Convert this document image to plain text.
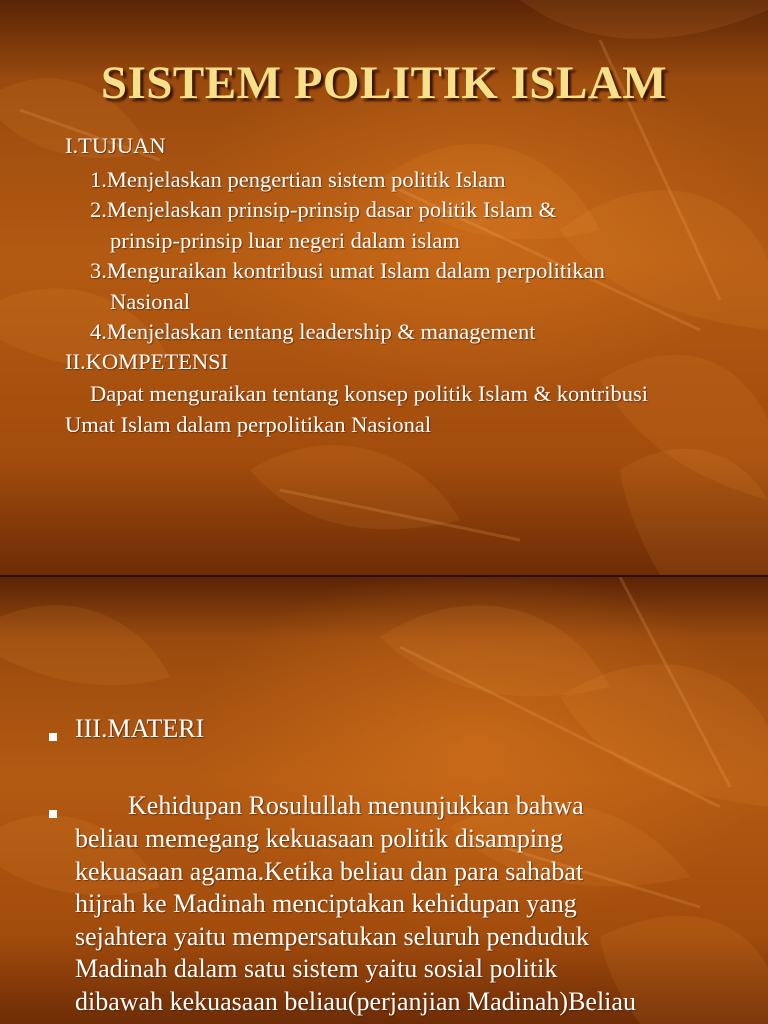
SISTEM POLITIK ISLAM
I.TUJUAN
1.Menjelaskan pengertian sistem politik Islam
2.Menjelaskan prinsip-prinsip dasar politik Islam &
prinsip-prinsip luar negeri dalam islam
3.Menguraikan kontribusi umat Islam dalam perpolitikan
Nasional
4.Menjelaskan tentang leadership & management
II.KOMPETENSI
Dapat menguraikan tentang konsep politik Islam & kontribusi
Umat Islam dalam perpolitikan Nasional
III.MATERI
Kehidupan Rosulullah menunjukkan bahwa
beliau memegang kekuasaan politik disamping
kekuasaan agama.Ketika beliau dan para sahabat
hijrah ke Madinah menciptakan kehidupan yang
sejahtera yaitu mempersatukan seluruh penduduk
Madinah dalam satu sistem yaitu sosial politik
dibawah kekuasaan beliau(perjanjian Madinah)Beliau
